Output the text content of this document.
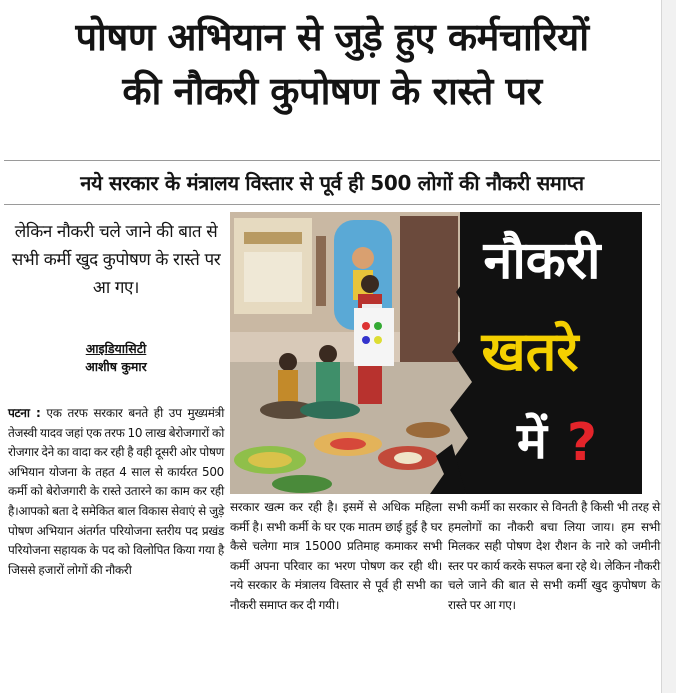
पोषण अभियान से जुड़े हुए कर्मचारियों
की नौकरी कुपोषण के रास्ते पर
नये सरकार के मंत्रालय विस्तार से पूर्व ही 500 लोगों की नौकरी समाप्त
लेकिन नौकरी चले जाने की बात से सभी कर्मी खुद कुपोषण के रास्ते पर आ गए।
आइडियासिटी
आशीष कुमार
नौकरी
खतरे
में ?
पटना : एक तरफ सरकार बनते ही उप मुख्यमंत्री तेजस्वी यादव जहां एक तरफ 10 लाख बेरोजगारों को रोजगार देने का वादा कर रही है वही दूसरी ओर पोषण अभियान योजना के तहत 4 साल से कार्यरत 500 कर्मी को बेरोजगारी के रास्ते उतारने का काम कर रही है।आपको बता दे समेकित बाल विकास सेवाएं से जुड़े पोषण अभियान अंतर्गत परियोजना स्तरीय पद प्रखंड परियोजना सहायक के पद को विलोपित किया गया है जिससे हजारों लोगों की नौकरी
सरकार खत्म कर रही है। इसमें से अधिक महिला कर्मी है। सभी कर्मी के घर एक मातम छाई हुई है घर कैसे चलेगा मात्र 15000 प्रतिमाह कमाकर सभी कर्मी अपना परिवार का भरण पोषण कर रही थी। नये सरकार के मंत्रालय विस्तार से पूर्व ही सभी का नौकरी समाप्त कर दी गयी।
सभी कर्मी का सरकार से विनती है किसी भी तरह से हमलोगों का नौकरी बचा लिया जाय। हम सभी मिलकर सही पोषण देश रौशन के नारे को जमीनी स्तर पर कार्य करके सफल बना रहे थे। लेकिन नौकरी चले जाने की बात से सभी कर्मी खुद कुपोषण के रास्ते पर आ गए।
